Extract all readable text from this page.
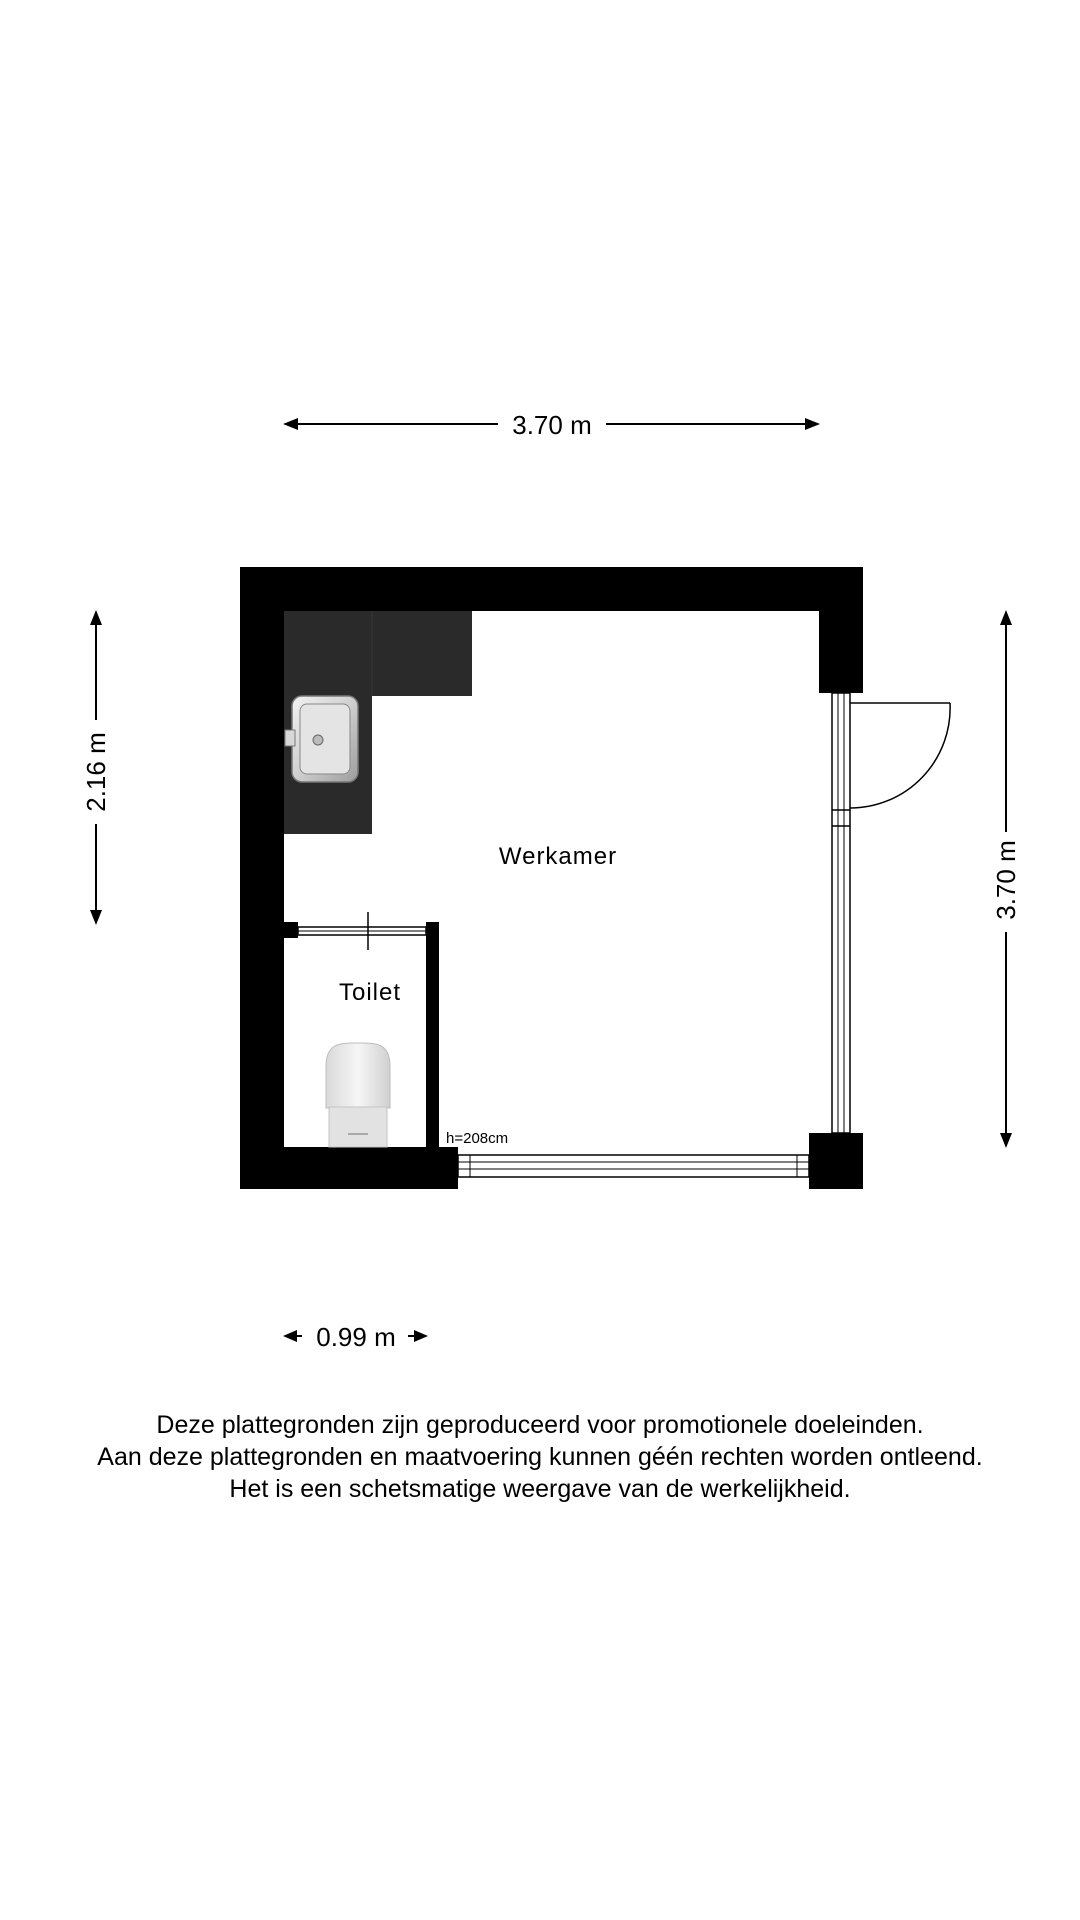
3.70 m
2.16 m
3.70 m
0.99 m
Werkamer
Toilet
h=208cm
Deze plattegronden zijn geproduceerd voor promotionele doeleinden.
Aan deze plattegronden en maatvoering kunnen géén rechten worden ontleend.
Het is een schetsmatige weergave van de werkelijkheid.
